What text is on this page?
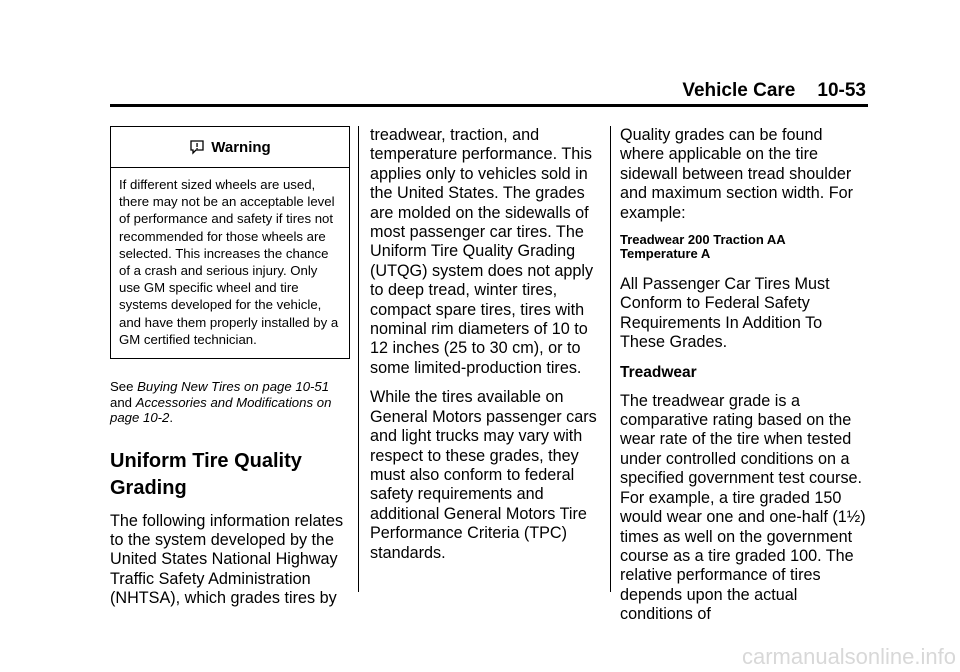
Vehicle Care 10-53
Warning
If different sized wheels are used, there may not be an acceptable level of performance and safety if tires not recommended for those wheels are selected. This increases the chance of a crash and serious injury. Only use GM specific wheel and tire systems developed for the vehicle, and have them properly installed by a GM certified technician.
See Buying New Tires on page 10-51 and Accessories and Modifications on page 10-2.
Uniform Tire Quality Grading

The following information relates to the system developed by the United States National Highway Traffic Safety Administration (NHTSA), which grades tires by

treadwear, traction, and temperature performance. This applies only to vehicles sold in the United States. The grades are molded on the sidewalls of most passenger car tires. The Uniform Tire Quality Grading (UTQG) system does not apply to deep tread, winter tires, compact spare tires, tires with nominal rim diameters of 10 to 12 inches (25 to 30 cm), or to some limited-production tires.

While the tires available on General Motors passenger cars and light trucks may vary with respect to these grades, they must also conform to federal safety requirements and additional General Motors Tire Performance Criteria (TPC) standards.

Quality grades can be found where applicable on the tire sidewall between tread shoulder and maximum section width. For example:

Treadwear 200 Traction AA
Temperature A

All Passenger Car Tires Must Conform to Federal Safety Requirements In Addition To These Grades.

Treadwear

The treadwear grade is a comparative rating based on the wear rate of the tire when tested under controlled conditions on a specified government test course. For example, a tire graded 150 would wear one and one-half (1½) times as well on the government course as a tire graded 100. The relative performance of tires depends upon the actual conditions of

carmanualsonline.info
